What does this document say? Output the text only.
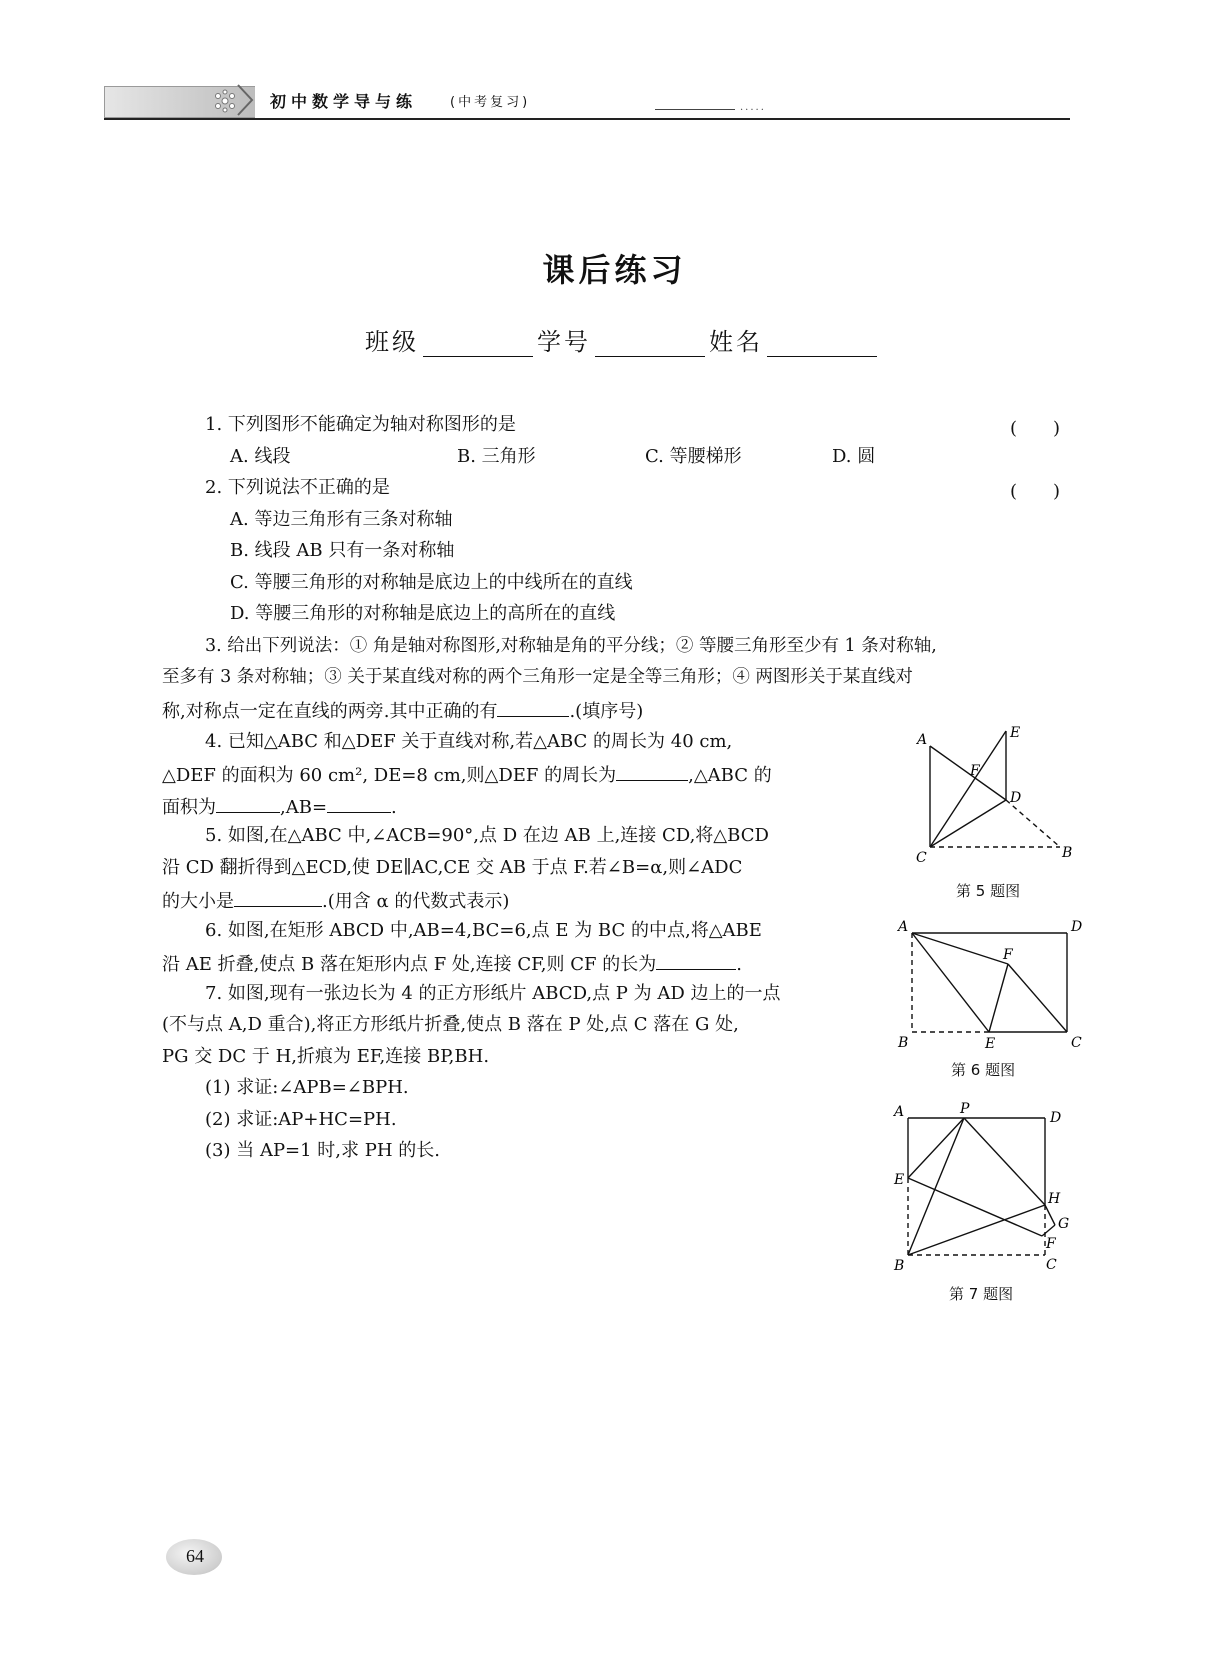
初中数学导与练	(中考复习)	.....
课后练习
班级	学号	姓名
1. 下列图形不能确定为轴对称图形的是	(　　)
A. 线段	B. 三角形	C. 等腰梯形	D. 圆
2. 下列说法不正确的是	(　　)
A. 等边三角形有三条对称轴
B. 线段 AB 只有一条对称轴
C. 等腰三角形的对称轴是底边上的中线所在的直线
D. 等腰三角形的对称轴是底边上的高所在的直线
3. 给出下列说法：① 角是轴对称图形,对称轴是角的平分线；② 等腰三角形至少有 1 条对称轴,
至多有 3 条对称轴；③ 关于某直线对称的两个三角形一定是全等三角形；④ 两图形关于某直线对
称,对称点一定在直线的两旁.其中正确的有	.(填序号)
4. 已知△ABC 和△DEF 关于直线对称,若△ABC 的周长为 40 cm,
△DEF 的面积为 60 cm², DE=8 cm,则△DEF 的周长为	,△ABC 的
面积为	,AB=	.
5. 如图,在△ABC 中,∠ACB=90°,点 D 在边 AB 上,连接 CD,将△BCD
沿 CD 翻折得到△ECD,使 DE∥AC,CE 交 AB 于点 F.若∠B=α,则∠ADC
的大小是	.(用含 α 的代数式表示)
6. 如图,在矩形 ABCD 中,AB=4,BC=6,点 E 为 BC 的中点,将△ABE
沿 AE 折叠,使点 B 落在矩形内点 F 处,连接 CF,则 CF 的长为	.
7. 如图,现有一张边长为 4 的正方形纸片 ABCD,点 P 为 AD 边上的一点
(不与点 A,D 重合),将正方形纸片折叠,使点 B 落在 P 处,点 C 落在 G 处,
PG 交 DC 于 H,折痕为 EF,连接 BP,BH.
(1) 求证:∠APB=∠BPH.
(2) 求证:AP+HC=PH.
(3) 当 AP=1 时,求 PH 的长.
A	E
F
D
C	B
第 5 题图
A	D
F
B	E	C
第 6 题图
A	P
D
E
H
G
F
B	C
第 7 题图
64
